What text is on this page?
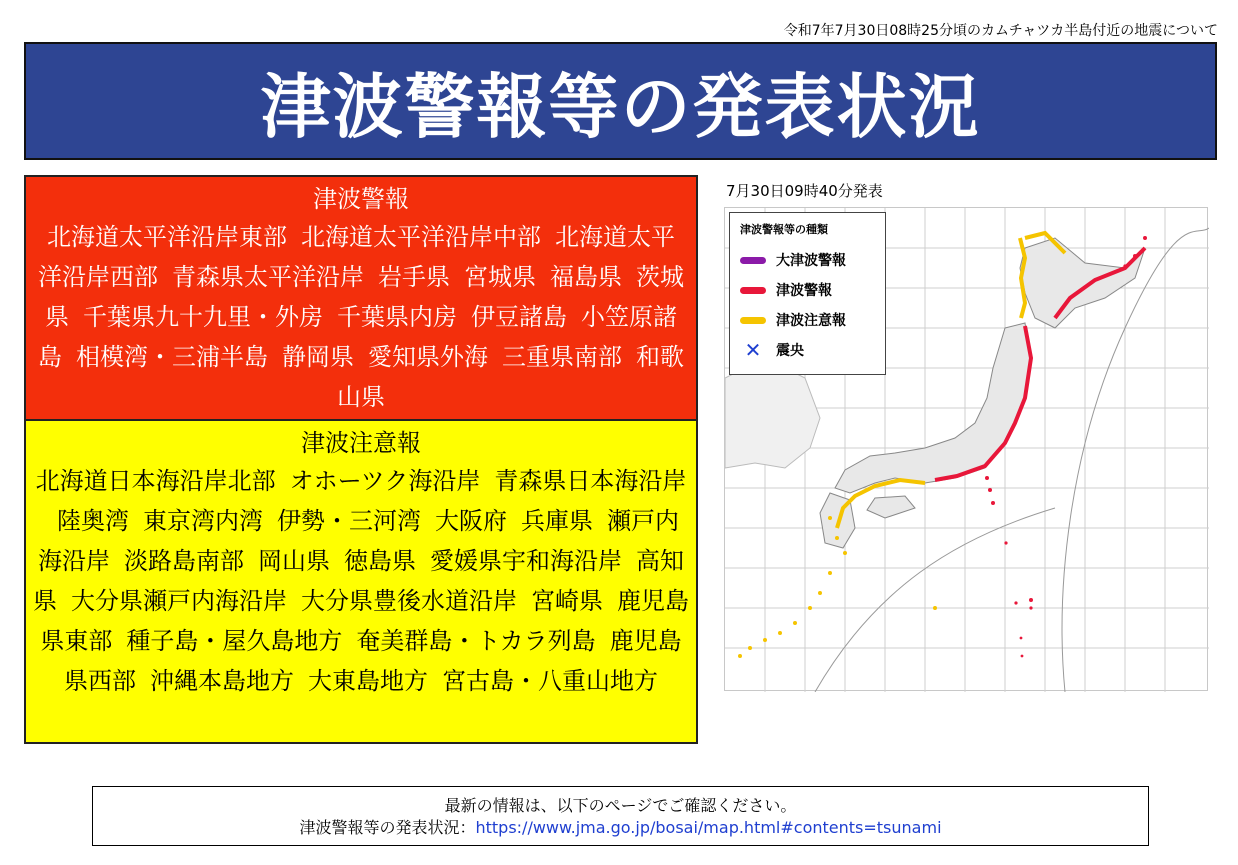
令和7年7月30日08時25分頃のカムチャツカ半島付近の地震について
津波警報等の発表状況
津波警報
北海道太平洋沿岸東部 北海道太平洋沿岸中部 北海道太平洋沿岸西部 青森県太平洋沿岸 岩手県 宮城県 福島県 茨城県 千葉県九十九里・外房 千葉県内房 伊豆諸島 小笠原諸島 相模湾・三浦半島 静岡県 愛知県外海 三重県南部 和歌山県
津波注意報
北海道日本海沿岸北部 オホーツク海沿岸 青森県日本海沿岸陸奥湾 東京湾内湾 伊勢・三河湾 大阪府 兵庫県 瀬戸内海沿岸 淡路島南部 岡山県 徳島県 愛媛県宇和海沿岸 高知県 大分県瀬戸内海沿岸 大分県豊後水道沿岸 宮崎県 鹿児島県東部 種子島・屋久島地方 奄美群島・トカラ列島 鹿児島県西部 沖縄本島地方 大東島地方 宮古島・八重山地方
7月30日09時40分発表
津波警報等の種類
大津波警報
津波警報
津波注意報
✕	震央
最新の情報は、以下のページでご確認ください。
津波警報等の発表状況：https://www.jma.go.jp/bosai/map.html#contents=tsunami
